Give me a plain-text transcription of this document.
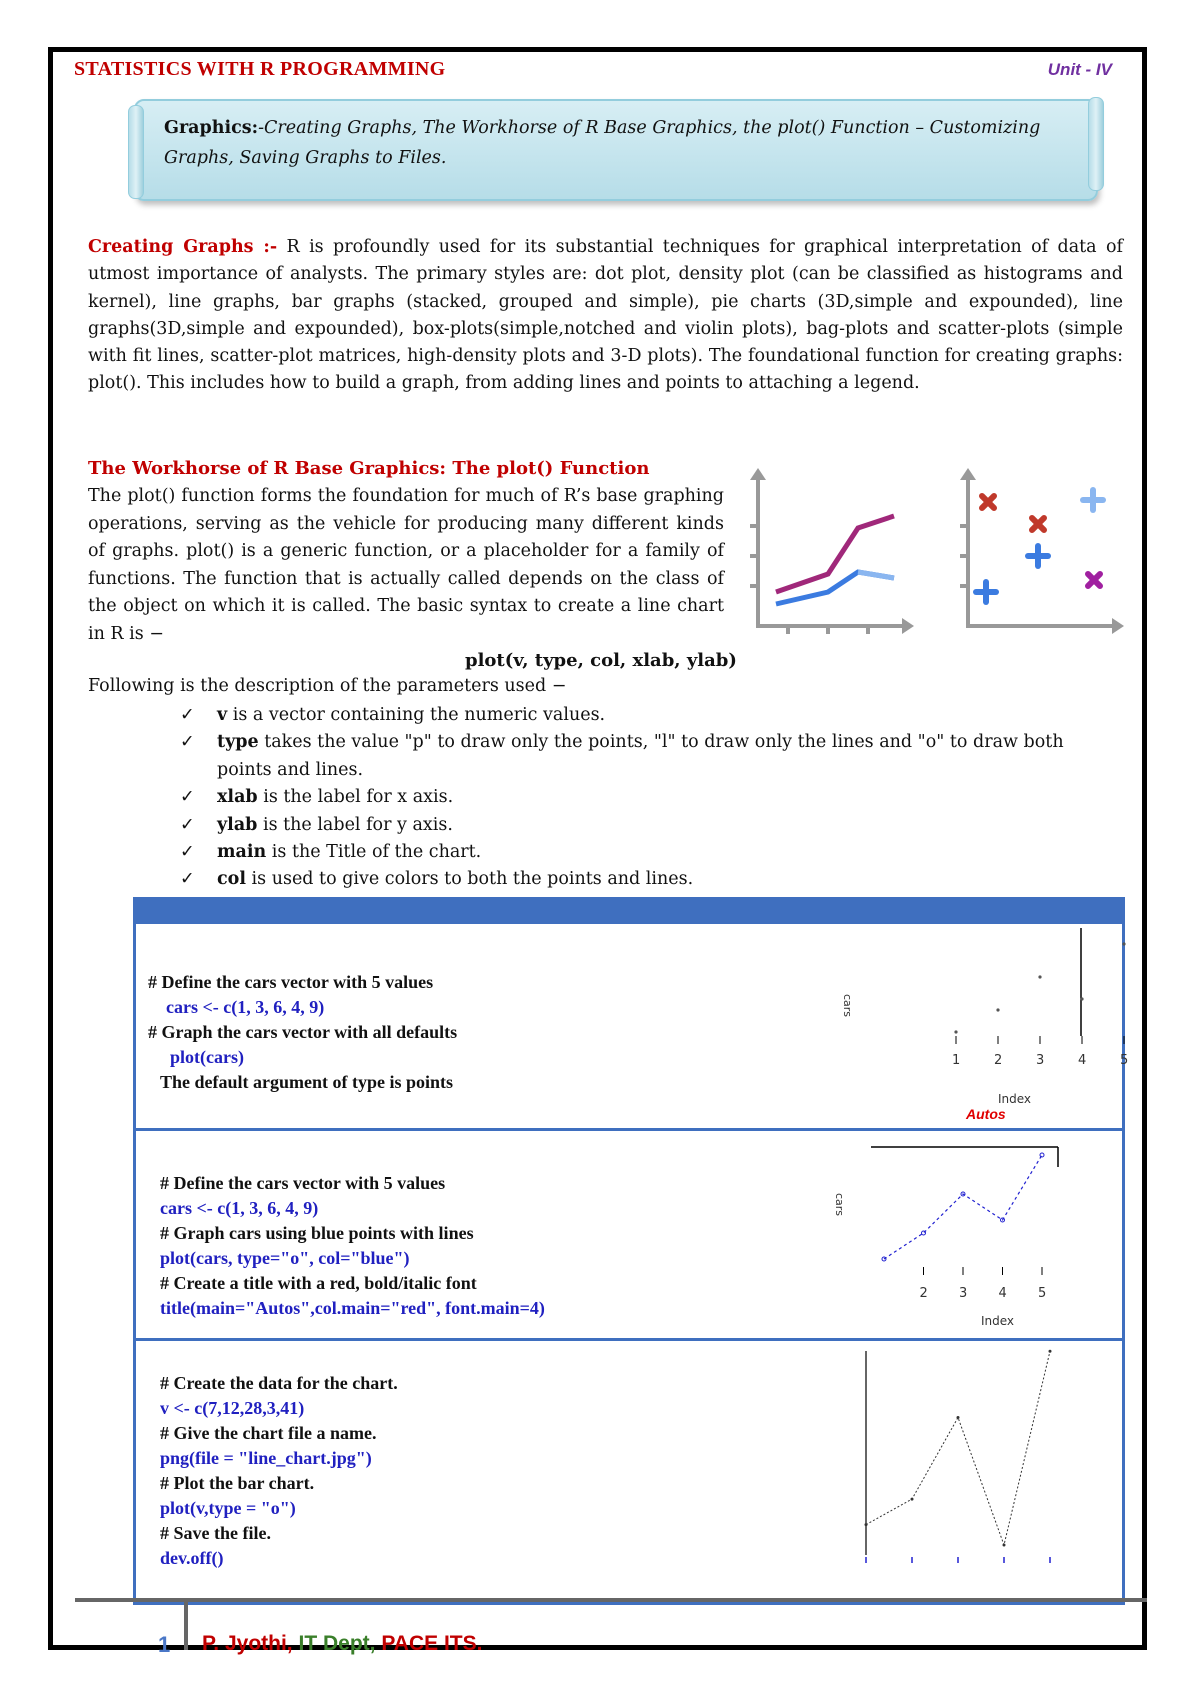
STATISTICS WITH R PROGRAMMING	Unit - IV
Graphics:-Creating Graphs, The Workhorse of R Base Graphics, the plot() Function – Customizing Graphs, Saving Graphs to Files.
Creating Graphs :- R is profoundly used for its substantial techniques for graphical interpretation of data of utmost importance of analysts. The primary styles are: dot plot, density plot (can be classified as histograms and kernel), line graphs, bar graphs (stacked, grouped and simple), pie charts (3D,simple and expounded), line graphs(3D,simple and expounded), box-plots(simple,notched and violin plots), bag-plots and scatter-plots (simple with fit lines, scatter-plot matrices, high-density plots and 3-D plots). The foundational function for creating graphs: plot(). This includes how to build a graph, from adding lines and points to attaching a legend.
The Workhorse of R Base Graphics: The plot() Function
The plot() function forms the foundation for much of R’s base graphing operations, serving as the vehicle for producing many different kinds of graphs. plot() is a generic function, or a placeholder for a family of functions. The function that is actually called depends on the class of the object on which it is called. The basic syntax to create a line chart in R is −
plot(v, type, col, xlab, ylab)
Following is the description of the parameters used −
✓ v is a vector containing the numeric values.
✓ type takes the value "p" to draw only the points, "l" to draw only the lines and "o" to draw both points and lines.
✓ xlab is the label for x axis.
✓ ylab is the label for y axis.
✓ main is the Title of the chart.
✓ col is used to give colors to both the points and lines.
# Define the cars vector with 5 values
cars <- c(1, 3, 6, 4, 9)
# Graph the cars vector with all defaults
plot(cars)
The default argument of type is points
1	2	3	4	5
cars
Index
Autos
# Define the cars vector with 5 values
cars <- c(1, 3, 6, 4, 9)
# Graph cars using blue points with lines
plot(cars, type="o", col="blue")
# Create a title with a red, bold/italic font
title(main="Autos",col.main="red", font.main=4)
2 3 4 5
cars
Index
# Create the data for the chart.
v <- c(7,12,28,3,41)
# Give the chart file a name.
png(file = "line_chart.jpg")
# Plot the bar chart.
plot(v,type = "o")
# Save the file.
dev.off()
1 P. Jyothi, IT Dept, PACE ITS.
